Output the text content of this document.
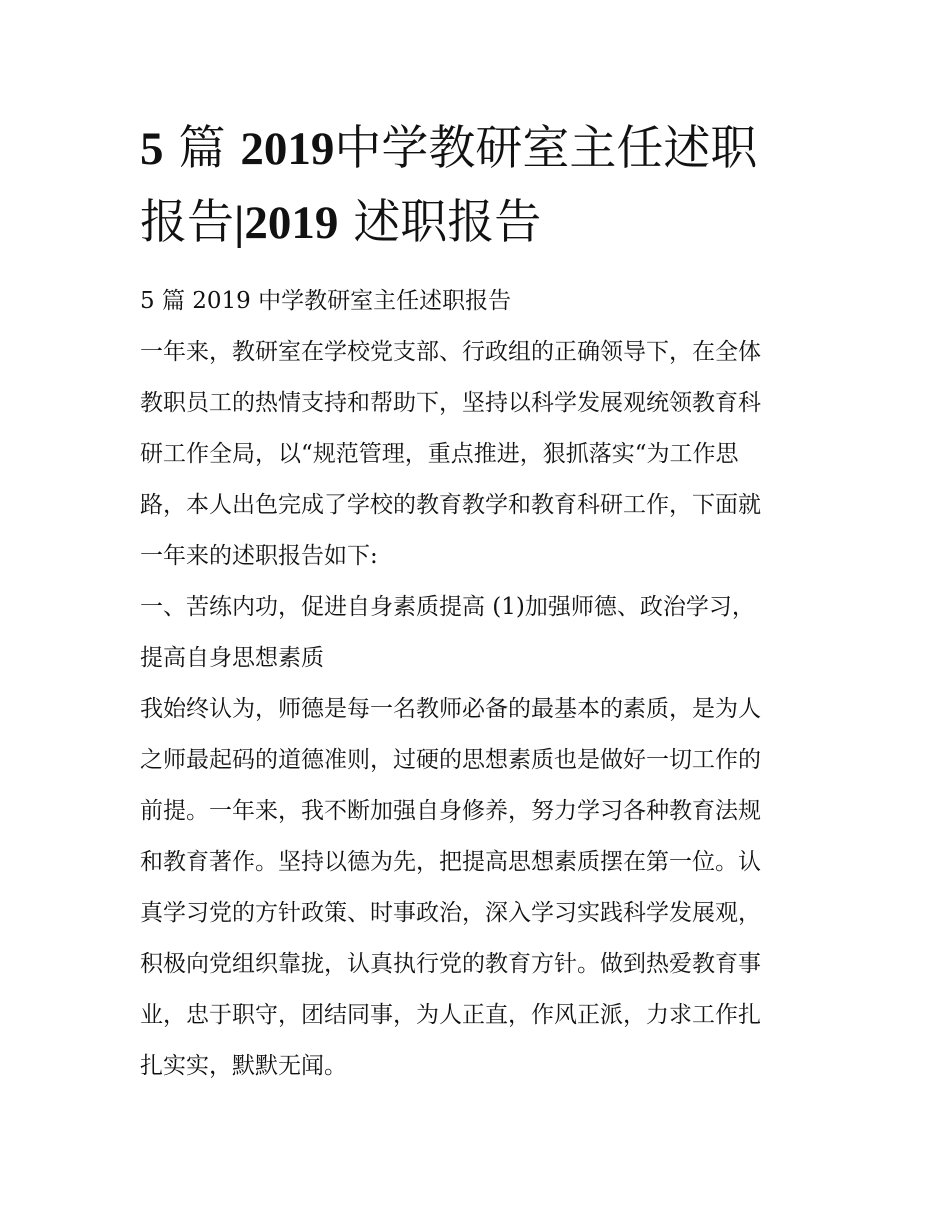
5 篇 2019中学教研室主任述职
报告|2019 述职报告
5 篇 2019 中学教研室主任述职报告
一年来，教研室在学校党支部、行政组的正确领导下，在全体
教职员工的热情支持和帮助下，坚持以科学发展观统领教育科
研工作全局，以“规范管理，重点推进，狠抓落实“为工作思
路，本人出色完成了学校的教育教学和教育科研工作，下面就
一年来的述职报告如下:
一、苦练内功，促进自身素质提高 (1)加强师德、政治学习，
提高自身思想素质
我始终认为，师德是每一名教师必备的最基本的素质，是为人
之师最起码的道德准则，过硬的思想素质也是做好一切工作的
前提。一年来，我不断加强自身修养，努力学习各种教育法规
和教育著作。坚持以德为先，把提高思想素质摆在第一位。认
真学习党的方针政策、时事政治，深入学习实践科学发展观，
积极向党组织靠拢，认真执行党的教育方针。做到热爱教育事
业，忠于职守，团结同事，为人正直，作风正派，力求工作扎
扎实实，默默无闻。
